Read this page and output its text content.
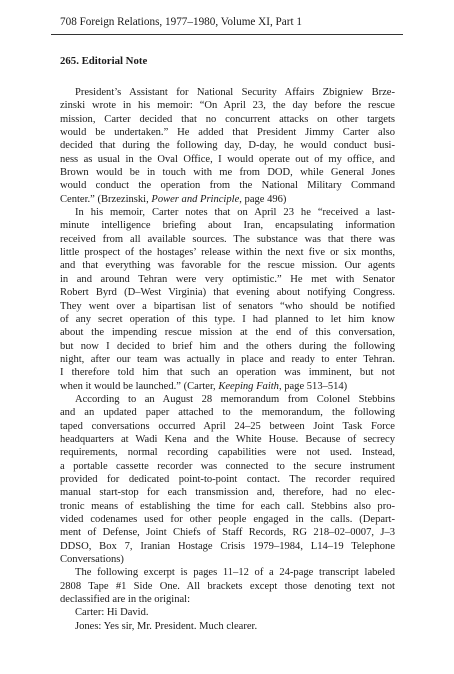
708 Foreign Relations, 1977–1980, Volume XI, Part 1
265. Editorial Note

President’s Assistant for National Security Affairs Zbigniew Brze-
zinski wrote in his memoir: “On April 23, the day before the rescue
mission, Carter decided that no concurrent attacks on other targets
would be undertaken.” He added that President Jimmy Carter also
decided that during the following day, D-day, he would conduct busi-
ness as usual in the Oval Office, I would operate out of my office, and
Brown would be in touch with me from DOD, while General Jones
would conduct the operation from the National Military Command
Center.” (Brzezinski, Power and Principle, page 496)

In his memoir, Carter notes that on April 23 he “received a last-
minute intelligence briefing about Iran, encapsulating information
received from all available sources. The substance was that there was
little prospect of the hostages’ release within the next five or six months,
and that everything was favorable for the rescue mission. Our agents
in and around Tehran were very optimistic.” He met with Senator
Robert Byrd (D–West Virginia) that evening about notifying Congress.
They went over a bipartisan list of senators “who should be notified
of any secret operation of this type. I had planned to let him know
about the impending rescue mission at the end of this conversation,
but now I decided to brief him and the others during the following
night, after our team was actually in place and ready to enter Tehran.
I therefore told him that such an operation was imminent, but not
when it would be launched.” (Carter, Keeping Faith, page 513–514)

According to an August 28 memorandum from Colonel Stebbins
and an updated paper attached to the memorandum, the following
taped conversations occurred April 24–25 between Joint Task Force
headquarters at Wadi Kena and the White House. Because of secrecy
requirements, normal recording capabilities were not used. Instead,
a portable cassette recorder was connected to the secure instrument
provided for dedicated point-to-point contact. The recorder required
manual start-stop for each transmission and, therefore, had no elec-
tronic means of establishing the time for each call. Stebbins also pro-
vided codenames used for other people engaged in the calls. (Depart-
ment of Defense, Joint Chiefs of Staff Records, RG 218–02–0007, J–3
DDSO, Box 7, Iranian Hostage Crisis 1979–1984, L14–19 Telephone
Conversations)

The following excerpt is pages 11–12 of a 24-page transcript labeled
2808 Tape #1 Side One. All brackets except those denoting text not
declassified are in the original:

Carter: Hi David.
Jones: Yes sir, Mr. President. Much clearer.
